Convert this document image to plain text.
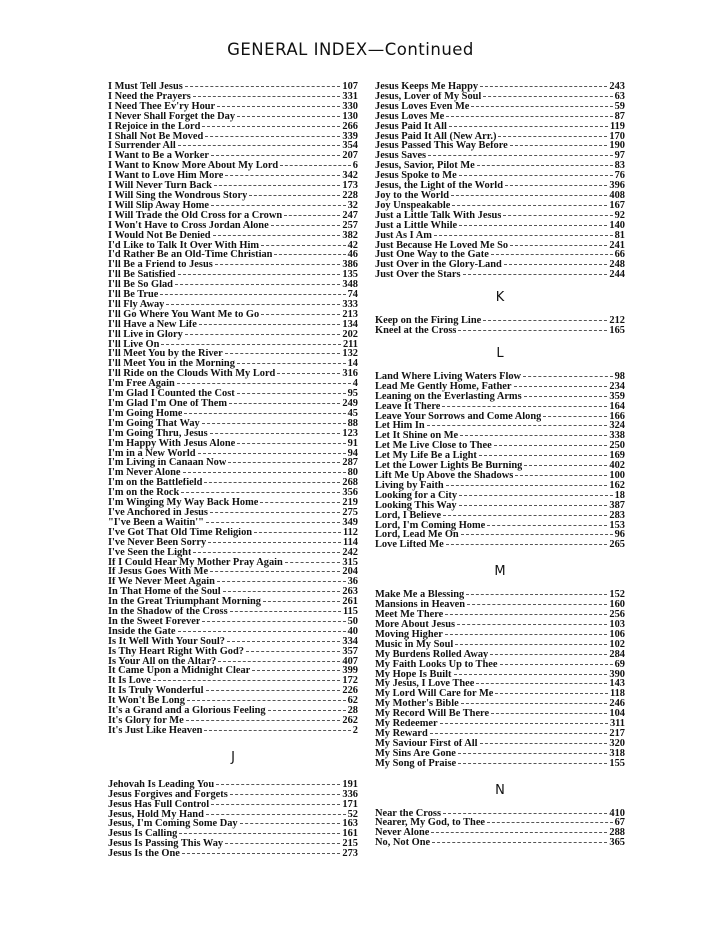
GENERAL INDEX—Continued
I Must Tell Jesus	107
I Need the Prayers	331
I Need Thee Ev'ry Hour	330
I Never Shall Forget the Day	130
I Rejoice in the Lord	266
I Shall Not Be Moved	339
I Surrender All	354
I Want to Be a Worker	207
I Want to Know More About My Lord	6
I Want to Love Him More	342
I Will Never Turn Back	173
I Will Sing the Wondrous Story	228
I Will Slip Away Home	32
I Will Trade the Old Cross for a Crown	247
I Won't Have to Cross Jordan Alone	257
I Would Not Be Denied	382
I'd Like to Talk It Over With Him	42
I'd Rather Be an Old-Time Christian	46
I'll Be a Friend to Jesus	386
I'll Be Satisfied	135
I'll Be So Glad	348
I'll Be True	74
I'll Fly Away	333
I'll Go Where You Want Me to Go	213
I'll Have a New Life	134
I'll Live in Glory	202
I'll Live On	211
I'll Meet You by the River	132
I'll Meet You in the Morning	14
I'll Ride on the Clouds With My Lord	316
I'm Free Again	4
I'm Glad I Counted the Cost	95
I'm Glad I'm One of Them	249
I'm Going Home	45
I'm Going That Way	88
I'm Going Thru, Jesus	123
I'm Happy With Jesus Alone	91
I'm in a New World	94
I'm Living in Canaan Now	287
I'm Never Alone	80
I'm on the Battlefield	268
I'm on the Rock	356
I'm Winging My Way Back Home	219
I've Anchored in Jesus	275
"I've Been a Waitin'"	349
I've Got That Old Time Religion	112
I've Never Been Sorry	114
I've Seen the Light	242
If I Could Hear My Mother Pray Again	315
If Jesus Goes With Me	204
If We Never Meet Again	36
In That Home of the Soul	263
In the Great Triumphant Morning	261
In the Shadow of the Cross	115
In the Sweet Forever	50
Inside the Gate	40
Is It Well With Your Soul?	334
Is Thy Heart Right With God?	357
Is Your All on the Altar?	407
It Came Upon a Midnight Clear	399
It Is Love	172
It Is Truly Wonderful	226
It Won't Be Long	62
It's a Grand and a Glorious Feeling	28
It's Glory for Me	262
It's Just Like Heaven	2
J
Jehovah Is Leading You	191
Jesus Forgives and Forgets	336
Jesus Has Full Control	171
Jesus, Hold My Hand	52
Jesus, I'm Coming Some Day	163
Jesus Is Calling	161
Jesus Is Passing This Way	215
Jesus Is the One	273
Jesus Keeps Me Happy	243
Jesus, Lover of My Soul	63
Jesus Loves Even Me	59
Jesus Loves Me	87
Jesus Paid It All	119
Jesus Paid It All (New Arr.)	170
Jesus Passed This Way Before	190
Jesus Saves	97
Jesus, Savior, Pilot Me	83
Jesus Spoke to Me	76
Jesus, the Light of the World	396
Joy to the World	408
Joy Unspeakable	167
Just a Little Talk With Jesus	92
Just a Little While	140
Just As I Am	81
Just Because He Loved Me So	241
Just One Way to the Gate	66
Just Over in the Glory-Land	248
Just Over the Stars	244
K
Keep on the Firing Line	212
Kneel at the Cross	165
L
Land Where Living Waters Flow	98
Lead Me Gently Home, Father	234
Leaning on the Everlasting Arms	359
Leave It There	164
Leave Your Sorrows and Come Along	166
Let Him In	324
Let It Shine on Me	338
Let Me Live Close to Thee	250
Let My Life Be a Light	169
Let the Lower Lights Be Burning	402
Lift Me Up Above the Shadows	100
Living by Faith	162
Looking for a City	18
Looking This Way	387
Lord, I Believe	283
Lord, I'm Coming Home	153
Lord, Lead Me On	96
Love Lifted Me	265
M
Make Me a Blessing	152
Mansions in Heaven	160
Meet Me There	256
More About Jesus	103
Moving Higher	106
Music in My Soul	102
My Burdens Rolled Away	284
My Faith Looks Up to Thee	69
My Hope Is Built	390
My Jesus, I Love Thee	143
My Lord Will Care for Me	118
My Mother's Bible	246
My Record Will Be There	104
My Redeemer	311
My Reward	217
My Saviour First of All	320
My Sins Are Gone	318
My Song of Praise	155
N
Near the Cross	410
Nearer, My God, to Thee	67
Never Alone	288
No, Not One	365
